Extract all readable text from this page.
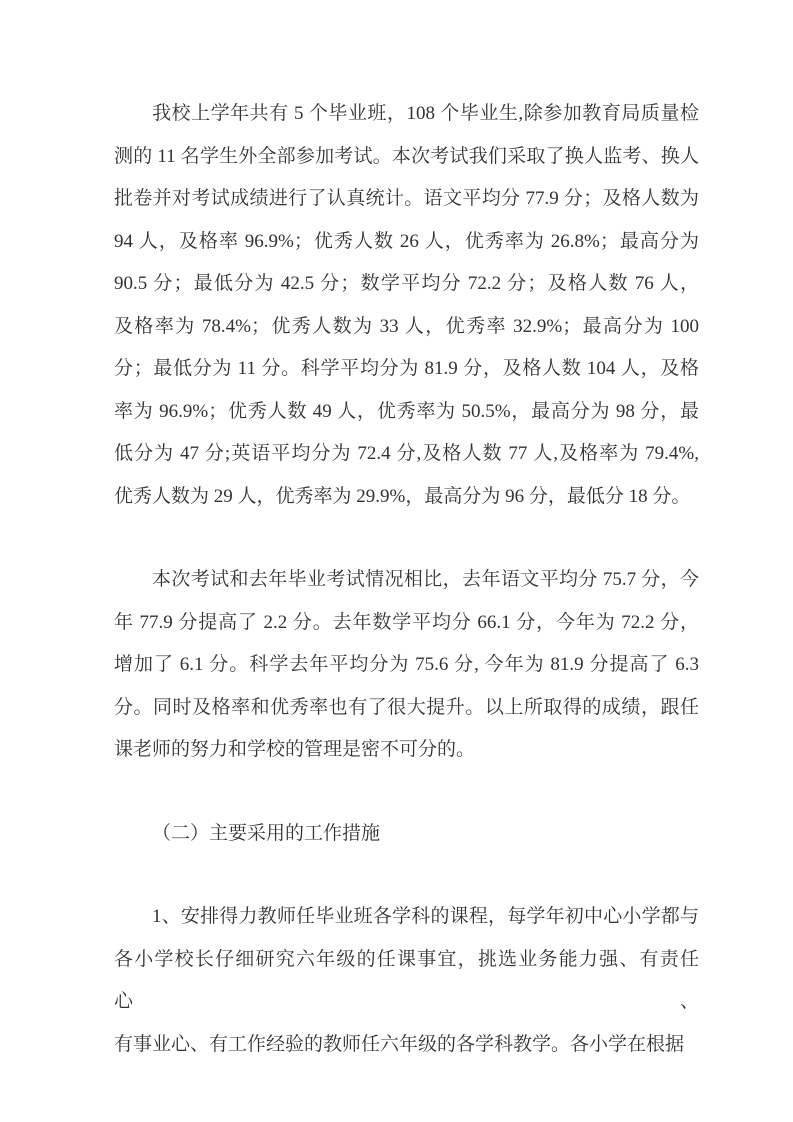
我校上学年共有 5 个毕业班，108 个毕业生,除参加教育局质量检
测的 11 名学生外全部参加考试。本次考试我们采取了换人监考、换人
批卷并对考试成绩进行了认真统计。语文平均分 77.9 分；及格人数为
94 人，及格率 96.9%；优秀人数 26 人，优秀率为 26.8%；最高分为
90.5 分；最低分为 42.5 分；数学平均分 72.2 分；及格人数 76 人，
及格率为 78.4%；优秀人数为 33 人，优秀率 32.9%；最高分为 100
分；最低分为 11 分。科学平均分为 81.9 分，及格人数 104 人，及格
率为 96.9%；优秀人数 49 人，优秀率为 50.5%，最高分为 98 分，最
低分为 47 分;英语平均分为 72.4 分,及格人数 77 人,及格率为 79.4%,
优秀人数为 29 人，优秀率为 29.9%，最高分为 96 分，最低分 18 分。
本次考试和去年毕业考试情况相比，去年语文平均分 75.7 分，今
年 77.9 分提高了 2.2 分。去年数学平均分 66.1 分，今年为 72.2 分，
增加了 6.1 分。科学去年平均分为 75.6 分, 今年为 81.9 分提高了 6.3
分。同时及格率和优秀率也有了很大提升。以上所取得的成绩，跟任
课老师的努力和学校的管理是密不可分的。
（二）主要采用的工作措施
1、安排得力教师任毕业班各学科的课程，每学年初中心小学都与
各小学校长仔细研究六年级的任课事宜，挑选业务能力强、有责任心、
有事业心、有工作经验的教师任六年级的各学科教学。各小学在根据
